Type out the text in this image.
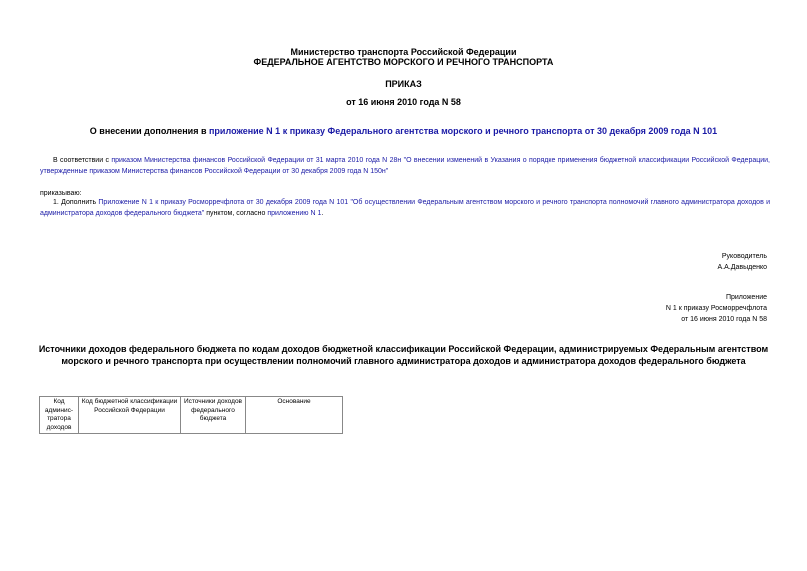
Министерство транспорта Российской Федерации
ФЕДЕРАЛЬНОЕ АГЕНТСТВО МОРСКОГО И РЕЧНОГО ТРАНСПОРТА
ПРИКАЗ
от 16 июня 2010 года N 58
О внесении дополнения в приложение N 1 к приказу Федерального агентства морского и речного транспорта от 30 декабря 2009 года N 101
В соответствии с приказом Министерства финансов Российской Федерации от 31 марта 2010 года N 28н "О внесении изменений в Указания о порядке применения бюджетной классификации Российской Федерации, утвержденные приказом Министерства финансов Российской Федерации от 30 декабря 2009 года N 150н"
приказываю:
1. Дополнить Приложение N 1 к приказу Росморречфлота от 30 декабря 2009 года N 101 "Об осуществлении Федеральным агентством морского и речного транспорта полномочий главного администратора доходов и администратора доходов федерального бюджета" пунктом, согласно приложению N 1.
Руководитель
А.А.Давыденко
Приложение
N 1 к приказу Росморречфлота
от 16 июня 2010 года N 58
Источники доходов федерального бюджета по кодам доходов бюджетной классификации Российской Федерации, администрируемых Федеральным агентством морского и речного транспорта при осуществлении полномочий главного администратора доходов и администратора доходов федерального бюджета
Код админис-тратора доходов	Код бюджетной классификации Российской Федерации	Источники доходов федерального бюджета	Основание
